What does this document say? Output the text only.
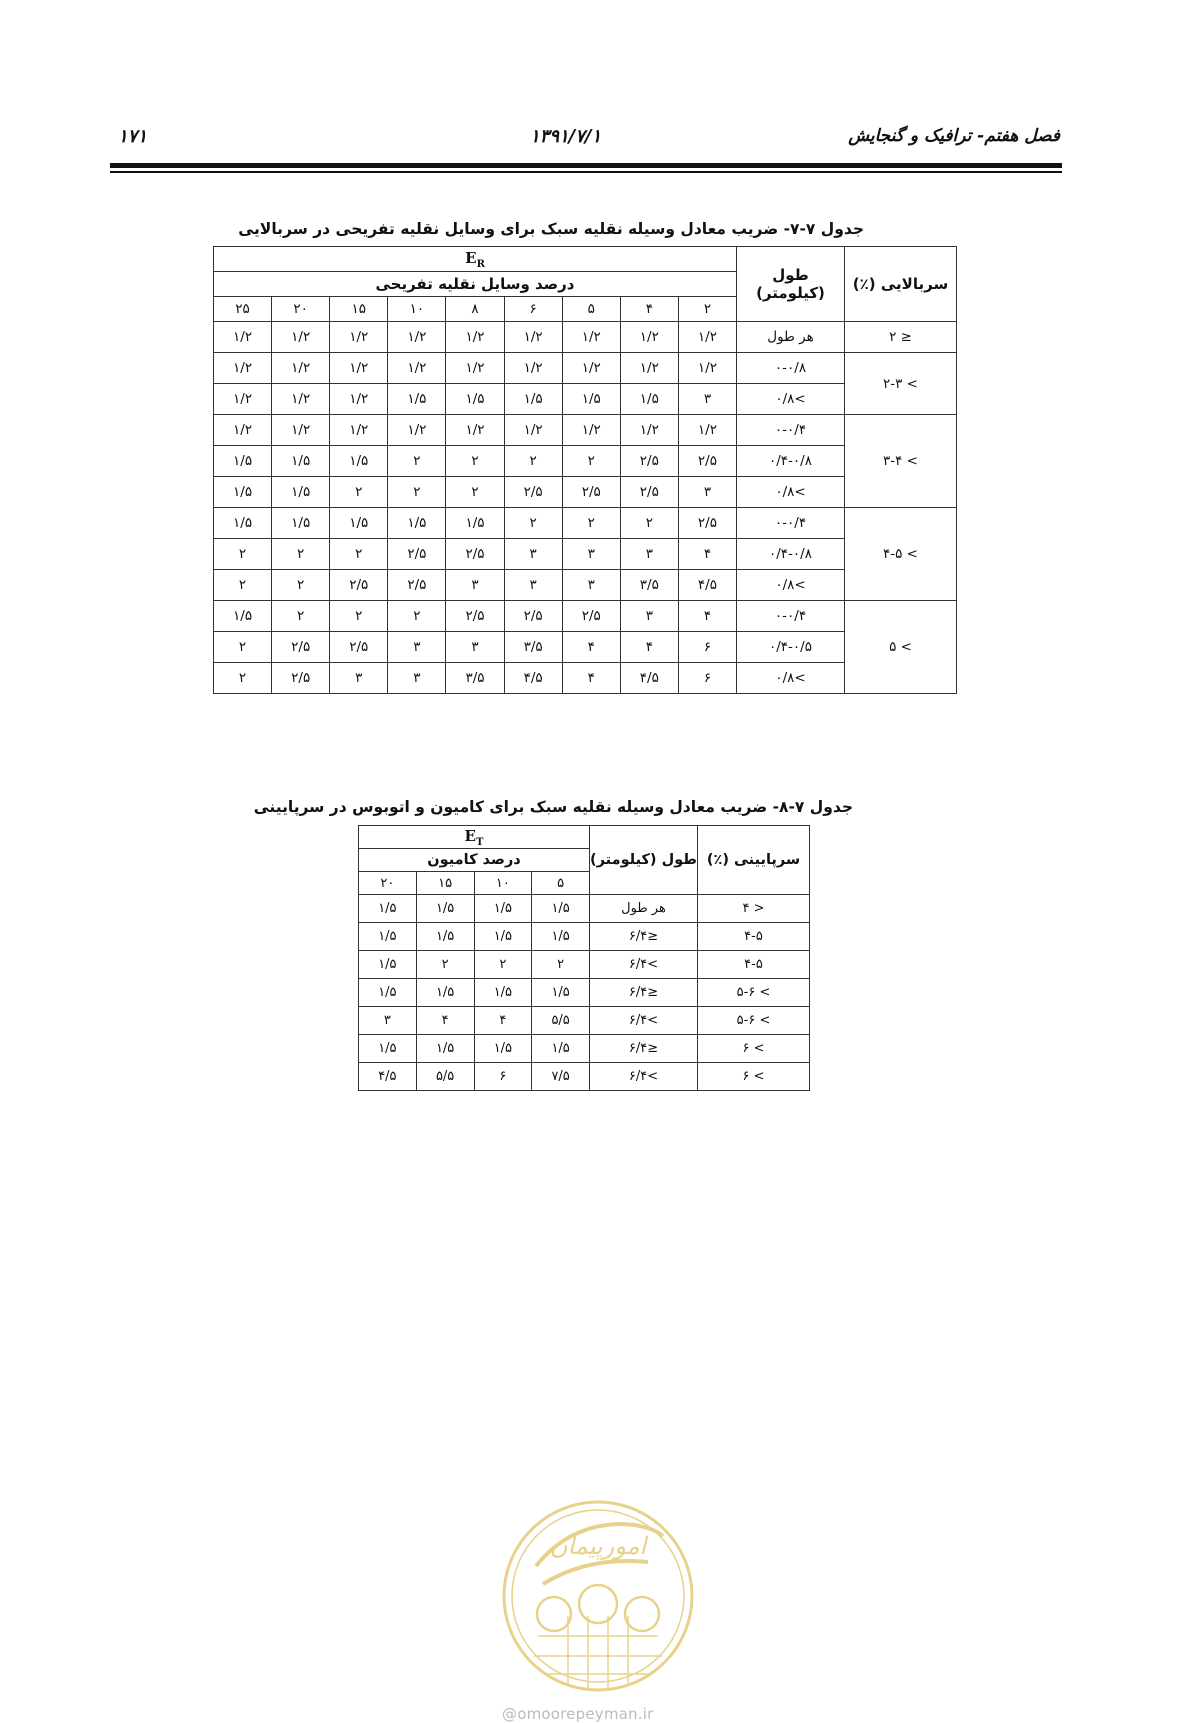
۱۷۱	۱۳۹۱/۷/۱	فصل هفتم- ترافیک و گنجایش
جدول ۷-۷- ضریب معادل وسیله نقلیه سبک برای وسایل نقلیه تفریحی در سربالایی
سربالایی (٪)	طول (کیلومتر)	$E_R$
		درصد وسایل نقلیه تفریحی								
		۲	۴	۵	۶	۸	۱۰	۱۵	۲۰	۲۵
≤ ۲	هر طول	۱/۲	۱/۲	۱/۲	۱/۲	۱/۲	۱/۲	۱/۲	۱/۲	۱/۲
> ۲-۳	۰-۰/۸	۱/۲	۱/۲	۱/۲	۱/۲	۱/۲	۱/۲	۱/۲	۱/۲	۱/۲
	>۰/۸	۳	۱/۵	۱/۵	۱/۵	۱/۵	۱/۵	۱/۲	۱/۲	۱/۲
> ۳-۴	۰-۰/۴	۱/۲	۱/۲	۱/۲	۱/۲	۱/۲	۱/۲	۱/۲	۱/۲	۱/۲
	۰/۴-۰/۸	۲/۵	۲/۵	۲	۲	۲	۲	۱/۵	۱/۵	۱/۵
	>۰/۸	۳	۲/۵	۲/۵	۲/۵	۲	۲	۲	۱/۵	۱/۵
> ۴-۵	۰-۰/۴	۲/۵	۲	۲	۲	۱/۵	۱/۵	۱/۵	۱/۵	۱/۵
	۰/۴-۰/۸	۴	۳	۳	۳	۲/۵	۲/۵	۲	۲	۲
	>۰/۸	۴/۵	۳/۵	۳	۳	۳	۲/۵	۲/۵	۲	۲
> ۵	۰-۰/۴	۴	۳	۲/۵	۲/۵	۲/۵	۲	۲	۲	۱/۵
	۰/۴-۰/۵	۶	۴	۴	۳/۵	۳	۳	۲/۵	۲/۵	۲
	>۰/۸	۶	۴/۵	۴	۴/۵	۳/۵	۳	۳	۲/۵	۲
جدول ۷-۸- ضریب معادل وسیله نقلیه سبک برای کامیون و اتوبوس در سرپایینی
سرپایینی (٪)	طول (کیلومتر)	$E_T$
		درصد کامیون			
		۵	۱۰	۱۵	۲۰
< ۴	هر طول	۱/۵	۱/۵	۱/۵	۱/۵
۴-۵	≤۶/۴	۱/۵	۱/۵	۱/۵	۱/۵
۴-۵	>۶/۴	۲	۲	۲	۱/۵
> ۵-۶	≤۶/۴	۱/۵	۱/۵	۱/۵	۱/۵
> ۵-۶	>۶/۴	۵/۵	۴	۴	۳
> ۶	≤۶/۴	۱/۵	۱/۵	۱/۵	۱/۵
> ۶	>۶/۴	۷/۵	۶	۵/۵	۴/۵
امورپیمان
@omoorepeyman.ir
